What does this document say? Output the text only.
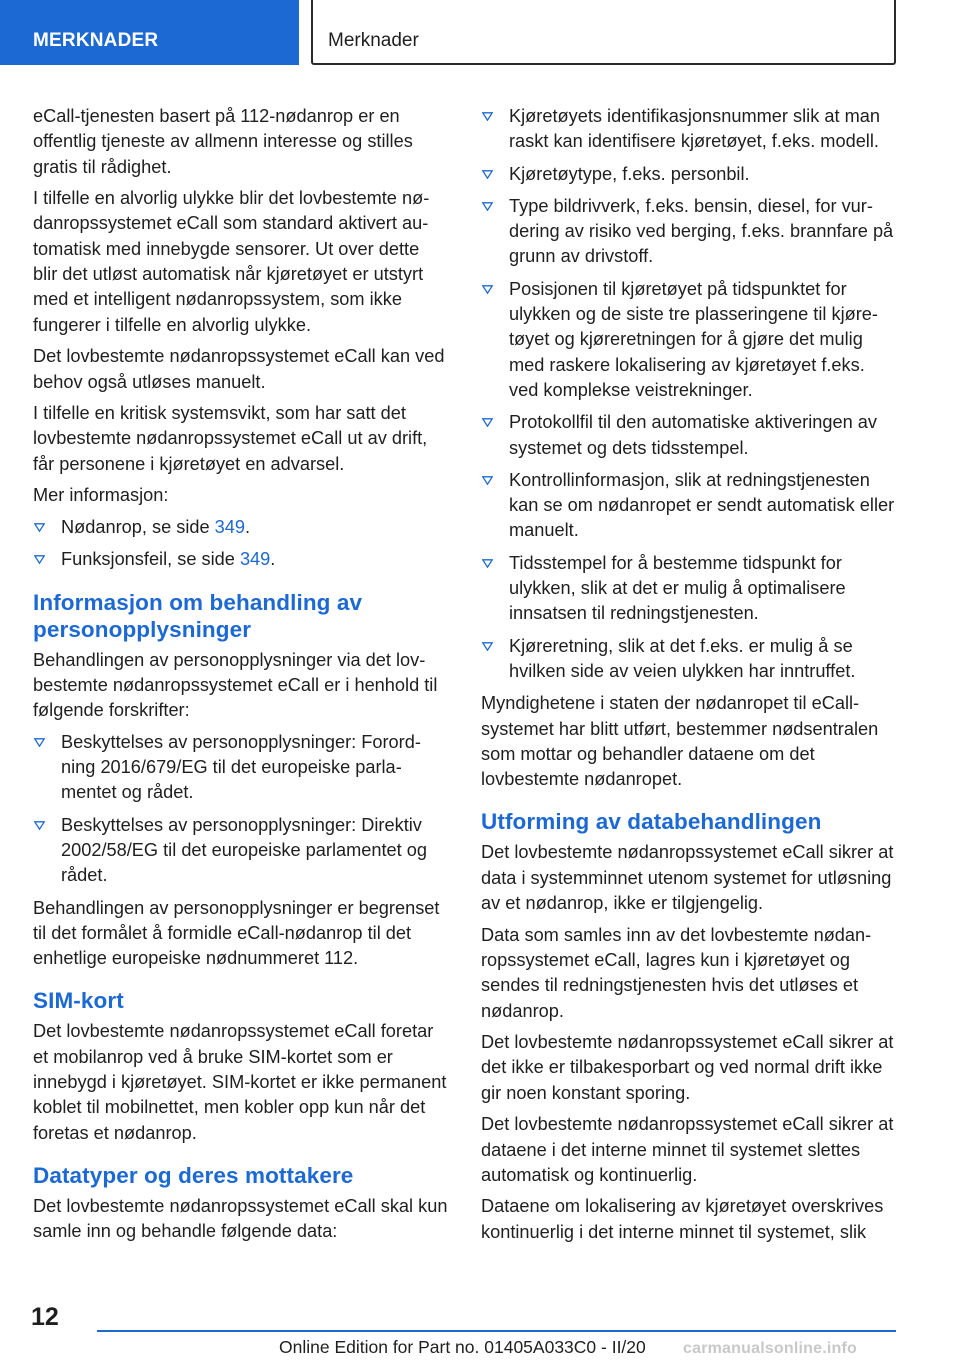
MERKNADER	Merknader

eCall-tjenesten basert på 112-nødanrop er en offentlig tjeneste av allmenn interesse og stilles gratis til rådighet.

I tilfelle en alvorlig ulykke blir det lovbestemte nødanropssystemet eCall som standard aktivert automatisk med innebygde sensorer. Ut over dette blir det utløst automatisk når kjøretøyet er utstyrt med et intelligent nødanropssystem, som ikke fungerer i tilfelle en alvorlig ulykke.

Det lovbestemte nødanropssystemet eCall kan ved behov også utløses manuelt.

I tilfelle en kritisk systemsvikt, som har satt det lovbestemte nødanropssystemet eCall ut av drift, får personene i kjøretøyet en advarsel.

Mer informasjon:

Nødanrop, se side 349.
Funksjonsfeil, se side 349.
Informasjon om behandling av personopplysninger

Behandlingen av personopplysninger via det lovbestemte nødanropssystemet eCall er i henhold til følgende forskrifter:

Beskyttelses av personopplysninger: Forordning 2016/679/EG til det europeiske parlamentet og rådet.
Beskyttelses av personopplysninger: Direktiv 2002/58/EG til det europeiske parlamentet og rådet.

Behandlingen av personopplysninger er begrenset til det formålet å formidle eCall-nødanrop til det enhetlige europeiske nødnummeret 112.

SIM-kort

Det lovbestemte nødanropssystemet eCall foretar et mobilanrop ved å bruke SIM-kortet som er innebygd i kjøretøyet. SIM-kortet er ikke permanent koblet til mobilnettet, men kobler opp kun når det foretas et nødanrop.

Datatyper og deres mottakere

Det lovbestemte nødanropssystemet eCall skal kun samle inn og behandle følgende data:

Kjøretøyets identifikasjonsnummer slik at man raskt kan identifisere kjøretøyet, f.eks. modell.
Kjøretøytype, f.eks. personbil.
Type bildrivverk, f.eks. bensin, diesel, for vurdering av risiko ved berging, f.eks. brannfare på grunn av drivstoff.
Posisjonen til kjøretøyet på tidspunktet for ulykken og de siste tre plasseringene til kjøretøyet og kjøreretningen for å gjøre det mulig med raskere lokalisering av kjøretøyet f.eks. ved komplekse veistrekninger.
Protokollfil til den automatiske aktiveringen av systemet og dets tidsstempel.
Kontrollinformasjon, slik at redningstjenesten kan se om nødanropet er sendt automatisk eller manuelt.
Tidsstempel for å bestemme tidspunkt for ulykken, slik at det er mulig å optimalisere innsatsen til redningstjenesten.
Kjøreretning, slik at det f.eks. er mulig å se hvilken side av veien ulykken har inntruffet.

Myndighetene i staten der nødanropet til eCall-systemet har blitt utført, bestemmer nødsentralen som mottar og behandler dataene om det lovbestemte nødanropet.

Utforming av databehandlingen

Det lovbestemte nødanropssystemet eCall sikrer at data i systemminnet utenom systemet for utløsning av et nødanrop, ikke er tilgjengelig.

Data som samles inn av det lovbestemte nødanropssystemet eCall, lagres kun i kjøretøyet og sendes til redningstjenesten hvis det utløses et nødanrop.

Det lovbestemte nødanropssystemet eCall sikrer at det ikke er tilbakesporbart og ved normal drift ikke gir noen konstant sporing.

Det lovbestemte nødanropssystemet eCall sikrer at dataene i det interne minnet til systemet slettes automatisk og kontinuerlig.

Dataene om lokalisering av kjøretøyet overskrives kontinuerlig i det interne minnet til systemet, slik

12
Online Edition for Part no. 01405A033C0 - II/20 carmanualsonline.info
